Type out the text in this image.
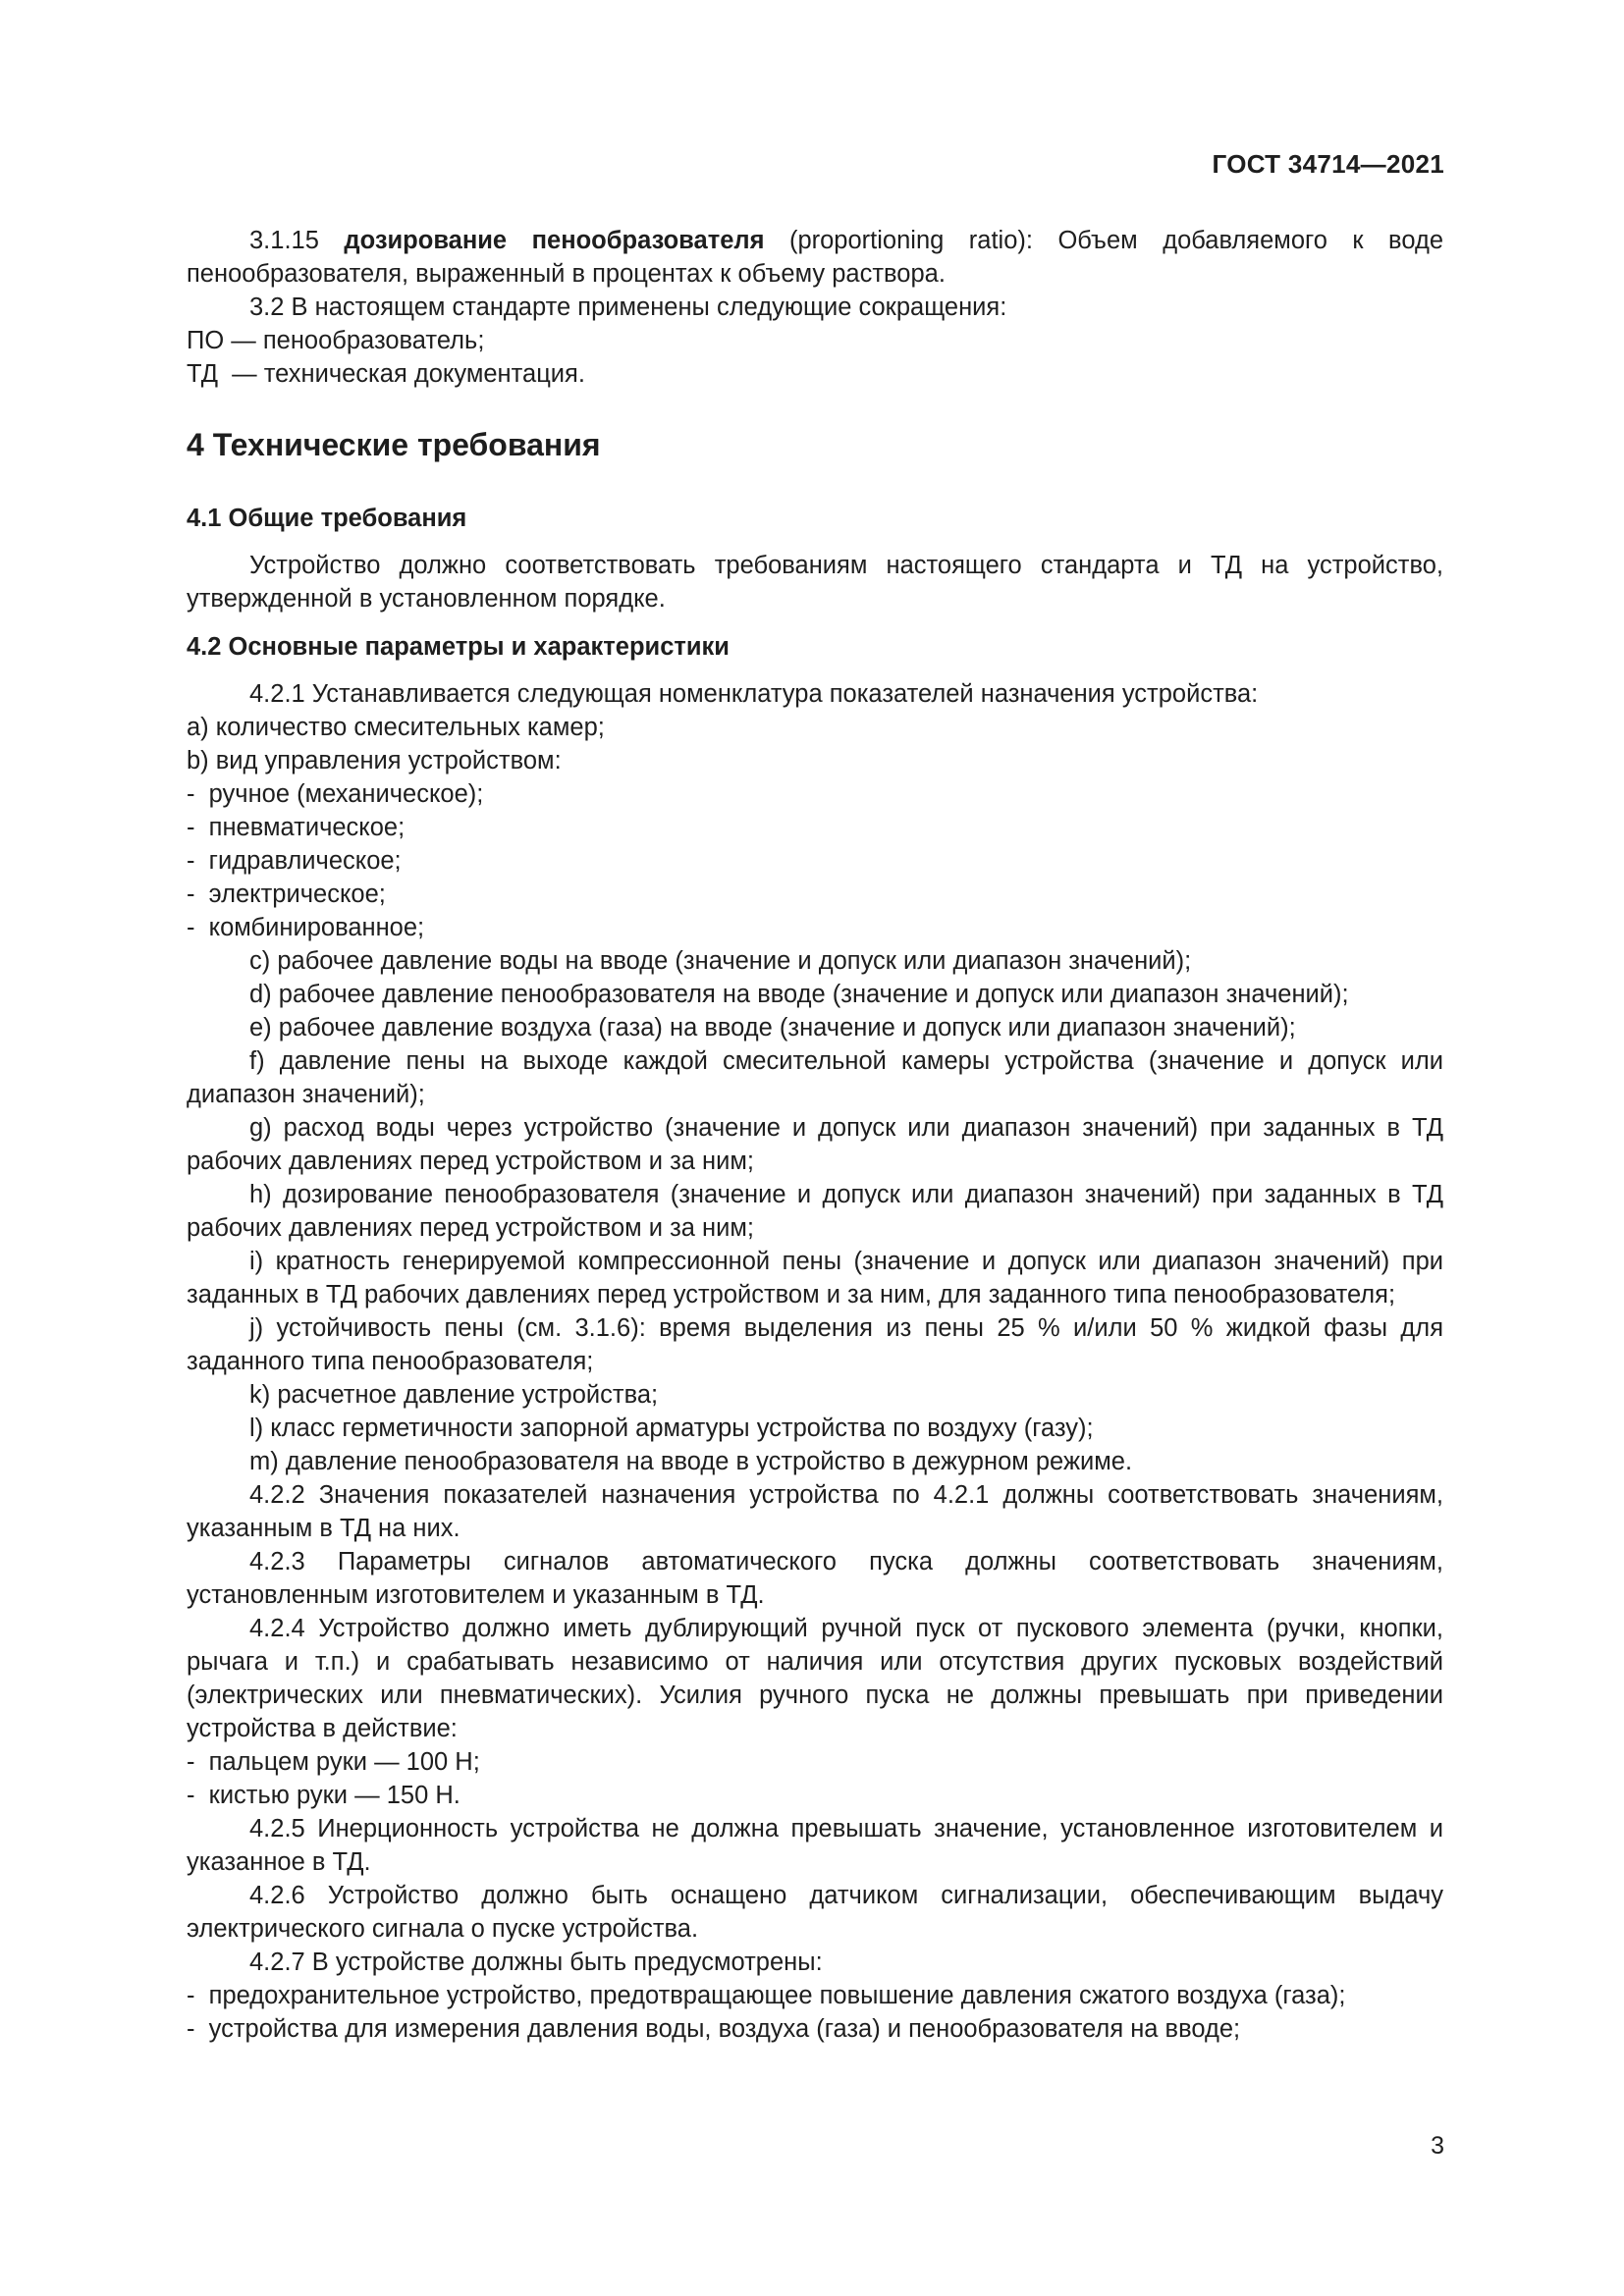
ГОСТ 34714—2021

3.1.15 дозирование пенообразователя (proportioning ratio): Объем добавляемого к воде пенообразователя, выраженный в процентах к объему раствора.

3.2 В настоящем стандарте применены следующие сокращения:

ПО — пенообразователь;

ТД  — техническая документация.

4 Технические требования
4.1 Общие требования

Устройство должно соответствовать требованиям настоящего стандарта и ТД на устройство, утвержденной в установленном порядке.

4.2 Основные параметры и характеристики

4.2.1 Устанавливается следующая номенклатура показателей назначения устройства:

а) количество смесительных камер;

b) вид управления устройством:

-  ручное (механическое);

-  пневматическое;

-  гидравлическое;

-  электрическое;

-  комбинированное;

c) рабочее давление воды на вводе (значение и допуск или диапазон значений);

d) рабочее давление пенообразователя на вводе (значение и допуск или диапазон значений);

e) рабочее давление воздуха (газа) на вводе (значение и допуск или диапазон значений);

f) давление пены на выходе каждой смесительной камеры устройства (значение и допуск или диапазон значений);

g) расход воды через устройство (значение и допуск или диапазон значений) при заданных в ТД рабочих давлениях перед устройством и за ним;

h) дозирование пенообразователя (значение и допуск или диапазон значений) при заданных в ТД рабочих давлениях перед устройством и за ним;

i) кратность генерируемой компрессионной пены (значение и допуск или диапазон значений) при заданных в ТД рабочих давлениях перед устройством и за ним, для заданного типа пенообразователя;

j) устойчивость пены (см. 3.1.6): время выделения из пены 25 % и/или 50 % жидкой фазы для заданного типа пенообразователя;

k) расчетное давление устройства;

l) класс герметичности запорной арматуры устройства по воздуху (газу);

m) давление пенообразователя на вводе в устройство в дежурном режиме.

4.2.2 Значения показателей назначения устройства по 4.2.1 должны соответствовать значениям, указанным в ТД на них.

4.2.3 Параметры сигналов автоматического пуска должны соответствовать значениям, установленным изготовителем и указанным в ТД.

4.2.4 Устройство должно иметь дублирующий ручной пуск от пускового элемента (ручки, кнопки, рычага и т.п.) и срабатывать независимо от наличия или отсутствия других пусковых воздействий (электрических или пневматических). Усилия ручного пуска не должны превышать при приведении устройства в действие:

-  пальцем руки — 100 Н;

-  кистью руки — 150 Н.

4.2.5 Инерционность устройства не должна превышать значение, установленное изготовителем и указанное в ТД.

4.2.6 Устройство должно быть оснащено датчиком сигнализации, обеспечивающим выдачу электрического сигнала о пуске устройства.

4.2.7 В устройстве должны быть предусмотрены:

-  предохранительное устройство, предотвращающее повышение давления сжатого воздуха (газа);

-  устройства для измерения давления воды, воздуха (газа) и пенообразователя на вводе;

3
